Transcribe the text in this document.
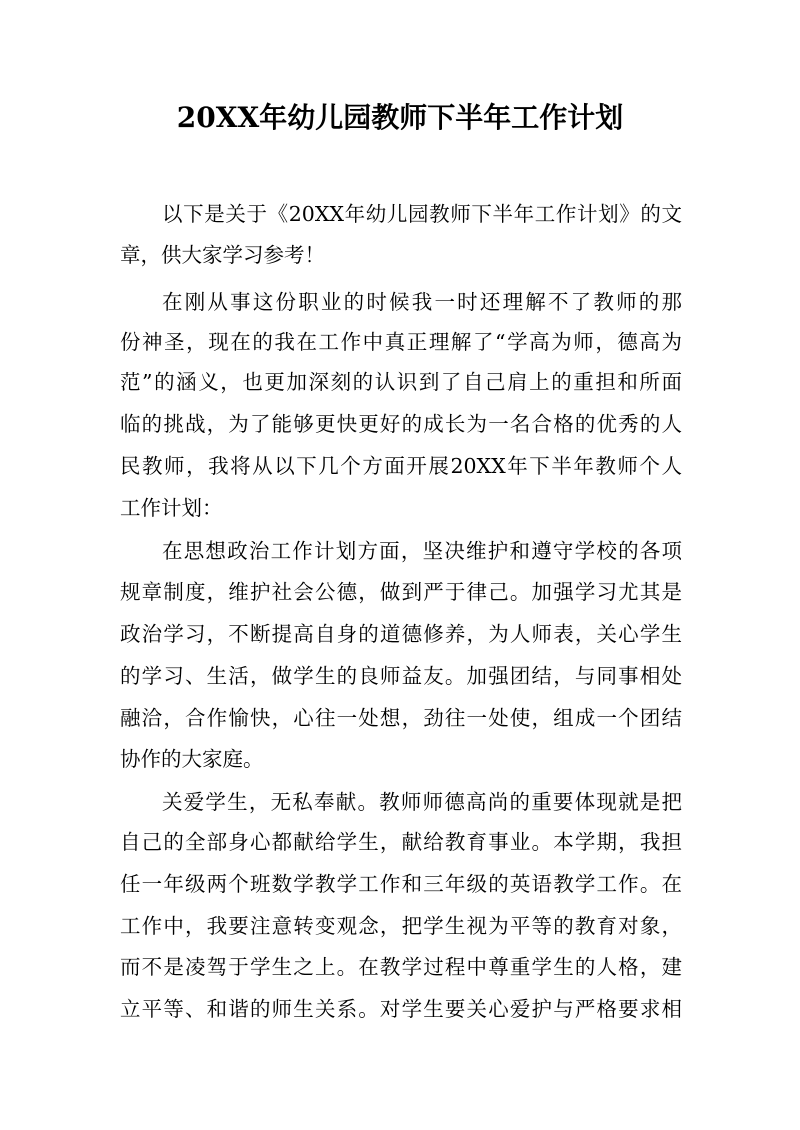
20XX年幼儿园教师下半年工作计划
以下是关于《20XX年幼儿园教师下半年工作计划》的文
章，供大家学习参考！
在刚从事这份职业的时候我一时还理解不了教师的那
份神圣，现在的我在工作中真正理解了“学高为师，德高为
范”的涵义，也更加深刻的认识到了自己肩上的重担和所面
临的挑战，为了能够更快更好的成长为一名合格的优秀的人
民教师，我将从以下几个方面开展20XX年下半年教师个人
工作计划：
在思想政治工作计划方面，坚决维护和遵守学校的各项
规章制度，维护社会公德，做到严于律己。加强学习尤其是
政治学习，不断提高自身的道德修养，为人师表，关心学生
的学习、生活，做学生的良师益友。加强团结，与同事相处
融洽，合作愉快，心往一处想，劲往一处使，组成一个团结
协作的大家庭。
关爱学生，无私奉献。教师师德高尚的重要体现就是把
自己的全部身心都献给学生，献给教育事业。本学期，我担
任一年级两个班数学教学工作和三年级的英语教学工作。在
工作中，我要注意转变观念，把学生视为平等的教育对象，
而不是凌驾于学生之上。在教学过程中尊重学生的人格，建
立平等、和谐的师生关系。对学生要关心爱护与严格要求相
